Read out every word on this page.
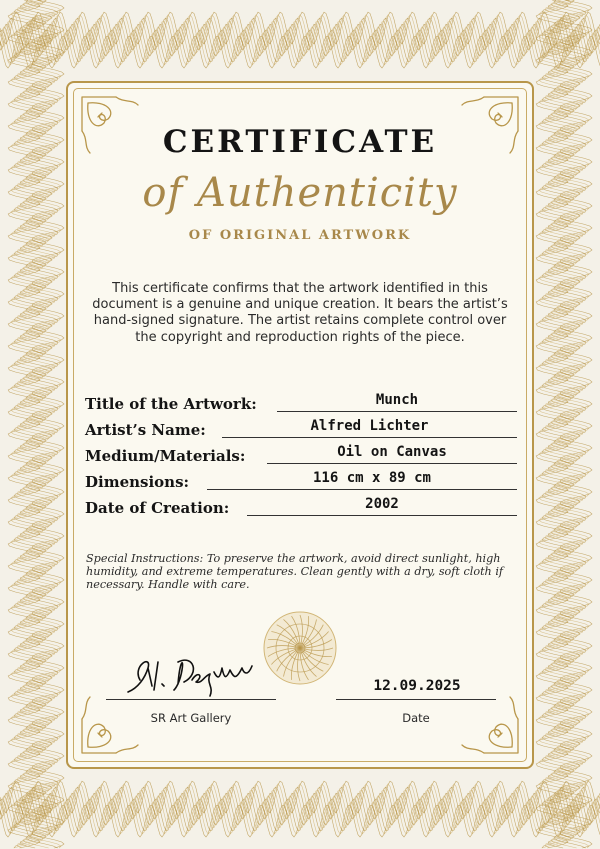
CERTIFICATE
of Authenticity
OF ORIGINAL ARTWORK
This certificate confirms that the artwork identified in this document is a genuine and unique creation. It bears the artist’s hand-signed signature. The artist retains complete control over the copyright and reproduction rights of the piece.
Title of the Artwork:	Munch
Artist’s Name:	Alfred Lichter
Medium/Materials:	Oil on Canvas
Dimensions:	116 cm x 89 cm
Date of Creation:	2002
Special Instructions: To preserve the artwork, avoid direct sunlight, high humidity, and extreme temperatures. Clean gently with a dry, soft cloth if necessary. Handle with care.
12.09.2025
SR Art Gallery	Date
